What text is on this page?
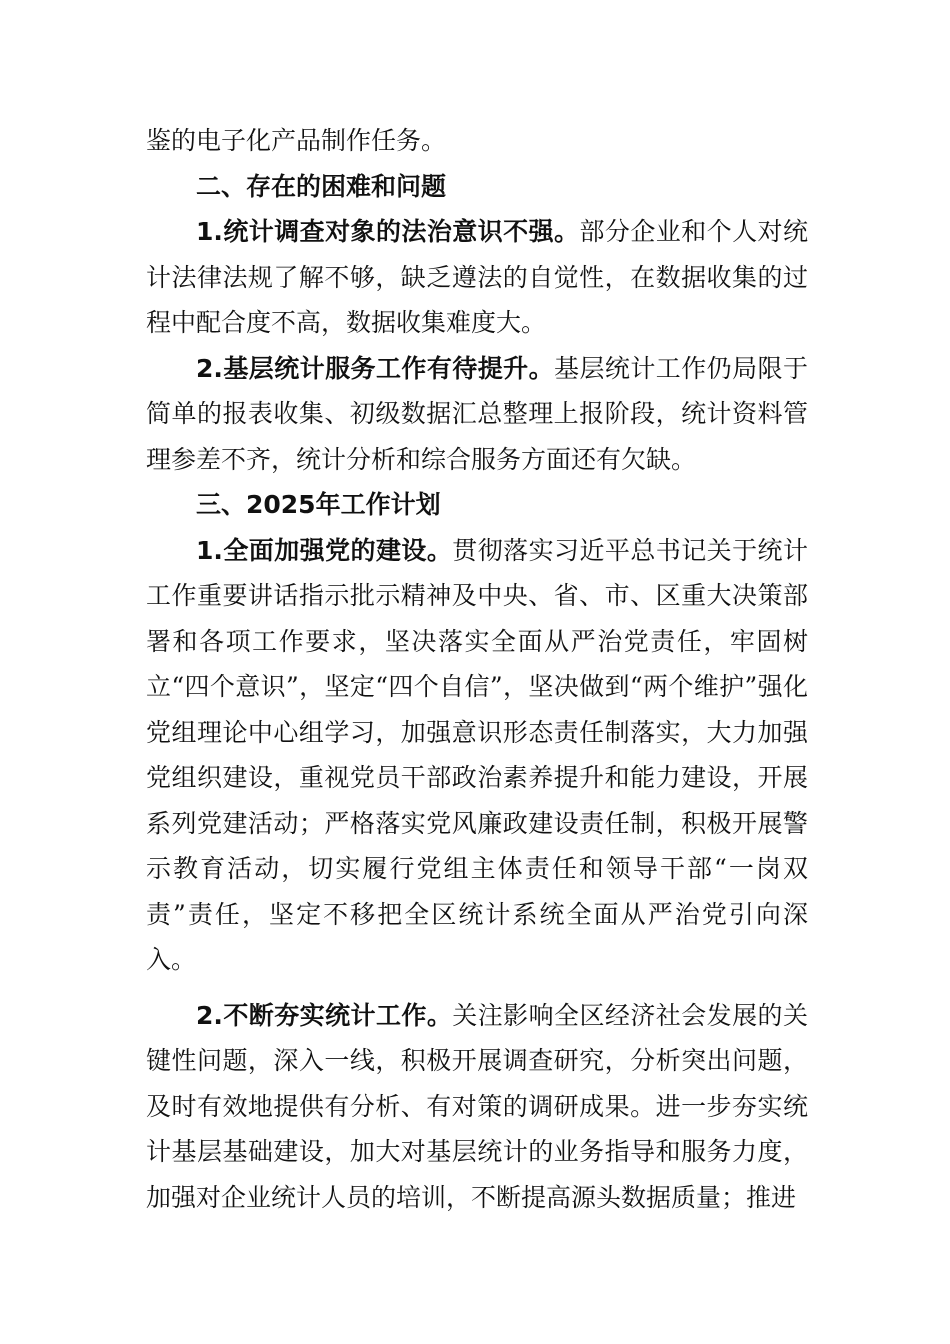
鉴的电子化产品制作任务。

二、存在的困难和问题

1.统计调查对象的法治意识不强。部分企业和个人对统计法律法规了解不够，缺乏遵法的自觉性，在数据收集的过程中配合度不高，数据收集难度大。

2.基层统计服务工作有待提升。基层统计工作仍局限于简单的报表收集、初级数据汇总整理上报阶段，统计资料管理参差不齐，统计分析和综合服务方面还有欠缺。

三、2025年工作计划

1.全面加强党的建设。贯彻落实习近平总书记关于统计工作重要讲话指示批示精神及中央、省、市、区重大决策部署和各项工作要求，坚决落实全面从严治党责任，牢固树立“四个意识”，坚定“四个自信”，坚决做到“两个维护”强化党组理论中心组学习，加强意识形态责任制落实，大力加强党组织建设，重视党员干部政治素养提升和能力建设，开展系列党建活动；严格落实党风廉政建设责任制，积极开展警示教育活动，切实履行党组主体责任和领导干部“一岗双责”责任，坚定不移把全区统计系统全面从严治党引向深入。

2.不断夯实统计工作。关注影响全区经济社会发展的关键性问题，深入一线，积极开展调查研究，分析突出问题，及时有效地提供有分析、有对策的调研成果。进一步夯实统计基层基础建设，加大对基层统计的业务指导和服务力度，加强对企业统计人员的培训，不断提高源头数据质量；推进
